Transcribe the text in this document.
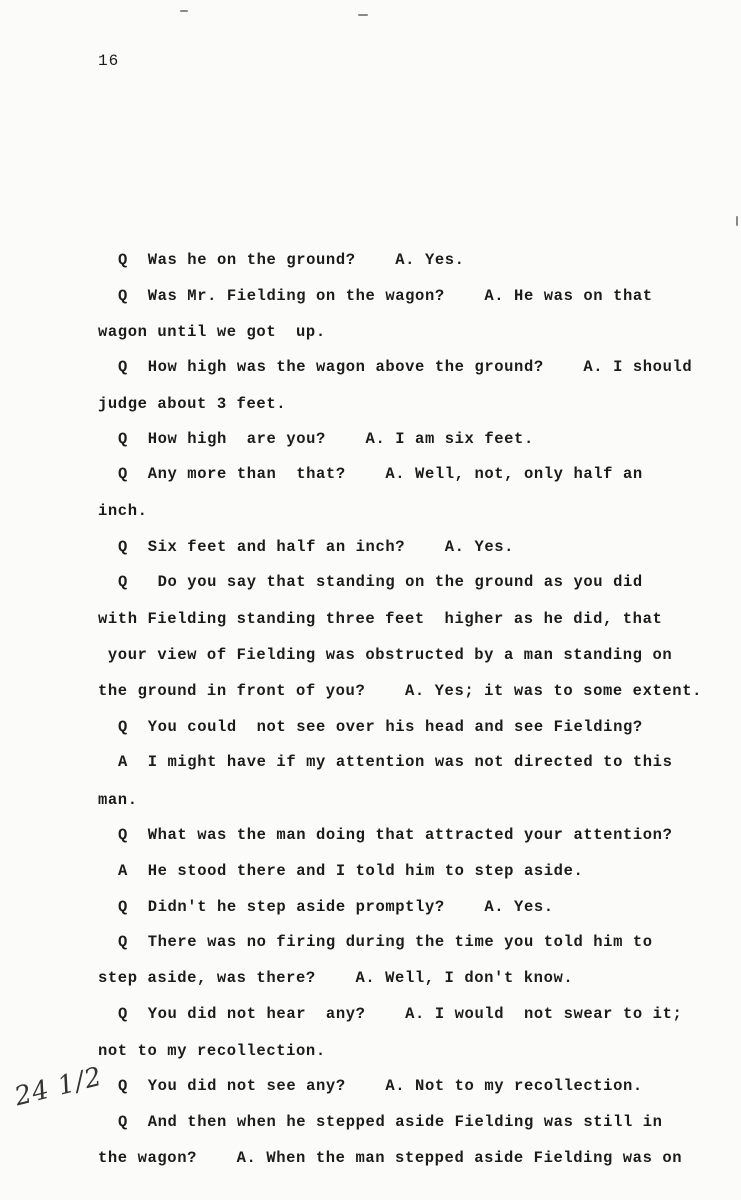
16
Q  Was he on the ground?    A. Yes.
Q  Was Mr. Fielding on the wagon?    A. He was on that
wagon until we got  up.
Q  How high was the wagon above the ground?    A. I should
judge about 3 feet.
Q  How high  are you?    A. I am six feet.
Q  Any more than  that?    A. Well, not, only half an
inch.
Q  Six feet and half an inch?    A. Yes.
Q   Do you say that standing on the ground as you did
with Fielding standing three feet  higher as he did, that
your view of Fielding was obstructed by a man standing on
the ground in front of you?    A. Yes; it was to some extent.
Q  You could  not see over his head and see Fielding?
A  I might have if my attention was not directed to this
man.
Q  What was the man doing that attracted your attention?
A  He stood there and I told him to step aside.
Q  Didn't he step aside promptly?    A. Yes.
Q  There was no firing during the time you told him to
step aside, was there?    A. Well, I don't know.
Q  You did not hear  any?    A. I would  not swear to it;
not to my recollection.
Q  You did not see any?    A. Not to my recollection.
Q  And then when he stepped aside Fielding was still in
the wagon?    A. When the man stepped aside Fielding was on
24 1/2
